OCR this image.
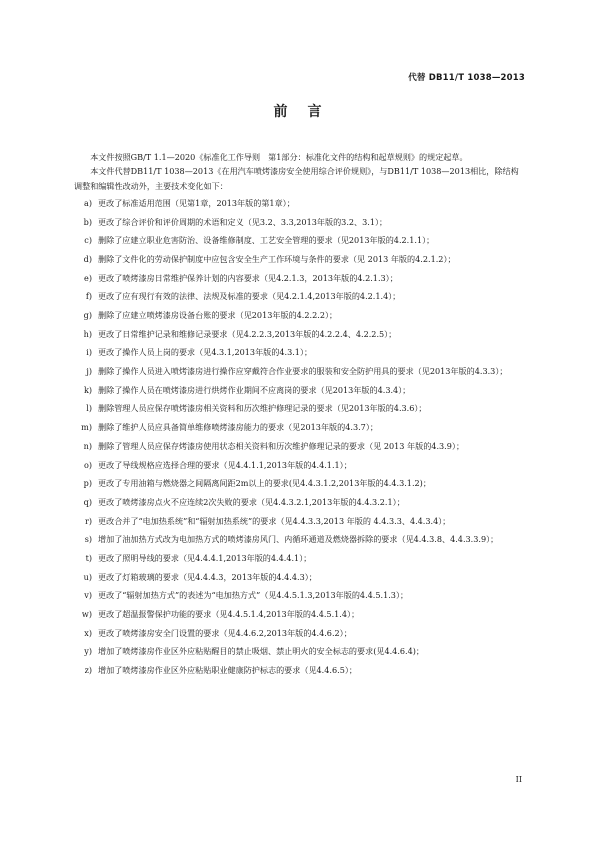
代替 DB11/T 1038—2013
前言
本文件按照GB/T 1.1—2020《标准化工作导则　第1部分：标准化文件的结构和起草规则》的规定起草。
本文件代替DB11/T 1038—2013《在用汽车喷烤漆房安全使用综合评价规则》，与DB11/T 1038—2013相比，除结构调整和编辑性改动外，主要技术变化如下：
a) 更改了标准适用范围（见第1章，2013年版的第1章）；
b) 更改了综合评价和评价周期的术语和定义（见3.2、3.3,2013年版的3.2、3.1）；
c) 删除了应建立职业危害防治、设备维修制度、工艺安全管理的要求（见2013年版的4.2.1.1）；
d) 删除了文件化的劳动保护制度中应包含安全生产工作环境与条件的要求（见 2013 年版的4.2.1.2）；
e) 更改了喷烤漆房日常维护保养计划的内容要求（见4.2.1.3，2013年版的4.2.1.3）；
f) 更改了应有现行有效的法律、法规及标准的要求（见4.2.1.4,2013年版的4.2.1.4）；
g) 删除了应建立喷烤漆房设备台账的要求（见2013年版的4.2.2.2）；
h) 更改了日常维护记录和维修记录要求（见4.2.2.3,2013年版的4.2.2.4、4.2.2.5）；
i) 更改了操作人员上岗的要求（见4.3.1,2013年版的4.3.1）；
j) 删除了操作人员进入喷烤漆房进行操作应穿戴符合作业要求的服装和安全防护用具的要求（见2013年版的4.3.3）；
k) 删除了操作人员在喷烤漆房进行烘烤作业期间不应离岗的要求（见2013年版的4.3.4）；
l) 删除管理人员应保存喷烤漆房相关资料和历次维护修理记录的要求（见2013年版的4.3.6）；
m) 删除了维护人员应具备简单维修喷烤漆房能力的要求（见2013年版的4.3.7）；
n) 删除了管理人员应保存烤漆房使用状态相关资料和历次维护修理记录的要求（见 2013 年版的4.3.9）；
o) 更改了导线规格应选择合理的要求（见4.4.1.1,2013年版的4.4.1.1）；
p) 更改了专用油箱与燃烧器之间隔离间距2m以上的要求(见4.4.3.1.2,2013年版的4.4.3.1.2)；
q) 更改了喷烤漆房点火不应连续2次失败的要求（见4.4.3.2.1,2013年版的4.4.3.2.1）；
r) 更改合并了“电加热系统”和“辐射加热系统”的要求（见4.4.3.3,2013 年版的 4.4.3.3、4.4.3.4）；
s) 增加了油加热方式改为电加热方式的喷烤漆房风门、内循环通道及燃烧器拆除的要求（见4.4.3.8、4.4.3.3.9）；
t) 更改了照明导线的要求（见4.4.4.1,2013年版的4.4.4.1）；
u) 更改了灯箱玻璃的要求（见4.4.4.3，2013年版的4.4.4.3）；
v) 更改了“辐射加热方式”的表述为“电加热方式”（见4.4.5.1.3,2013年版的4.4.5.1.3）；
w) 更改了超温报警保护功能的要求（见4.4.5.1.4,2013年版的4.4.5.1.4）；
x) 更改了喷烤漆房安全门设置的要求（见4.4.6.2,2013年版的4.4.6.2）；
y) 增加了喷烤漆房作业区外应粘贴醒目的禁止吸烟、禁止明火的安全标志的要求(见4.4.6.4)；
z) 增加了喷烤漆房作业区外应粘贴职业健康防护标志的要求（见4.4.6.5）；
II
